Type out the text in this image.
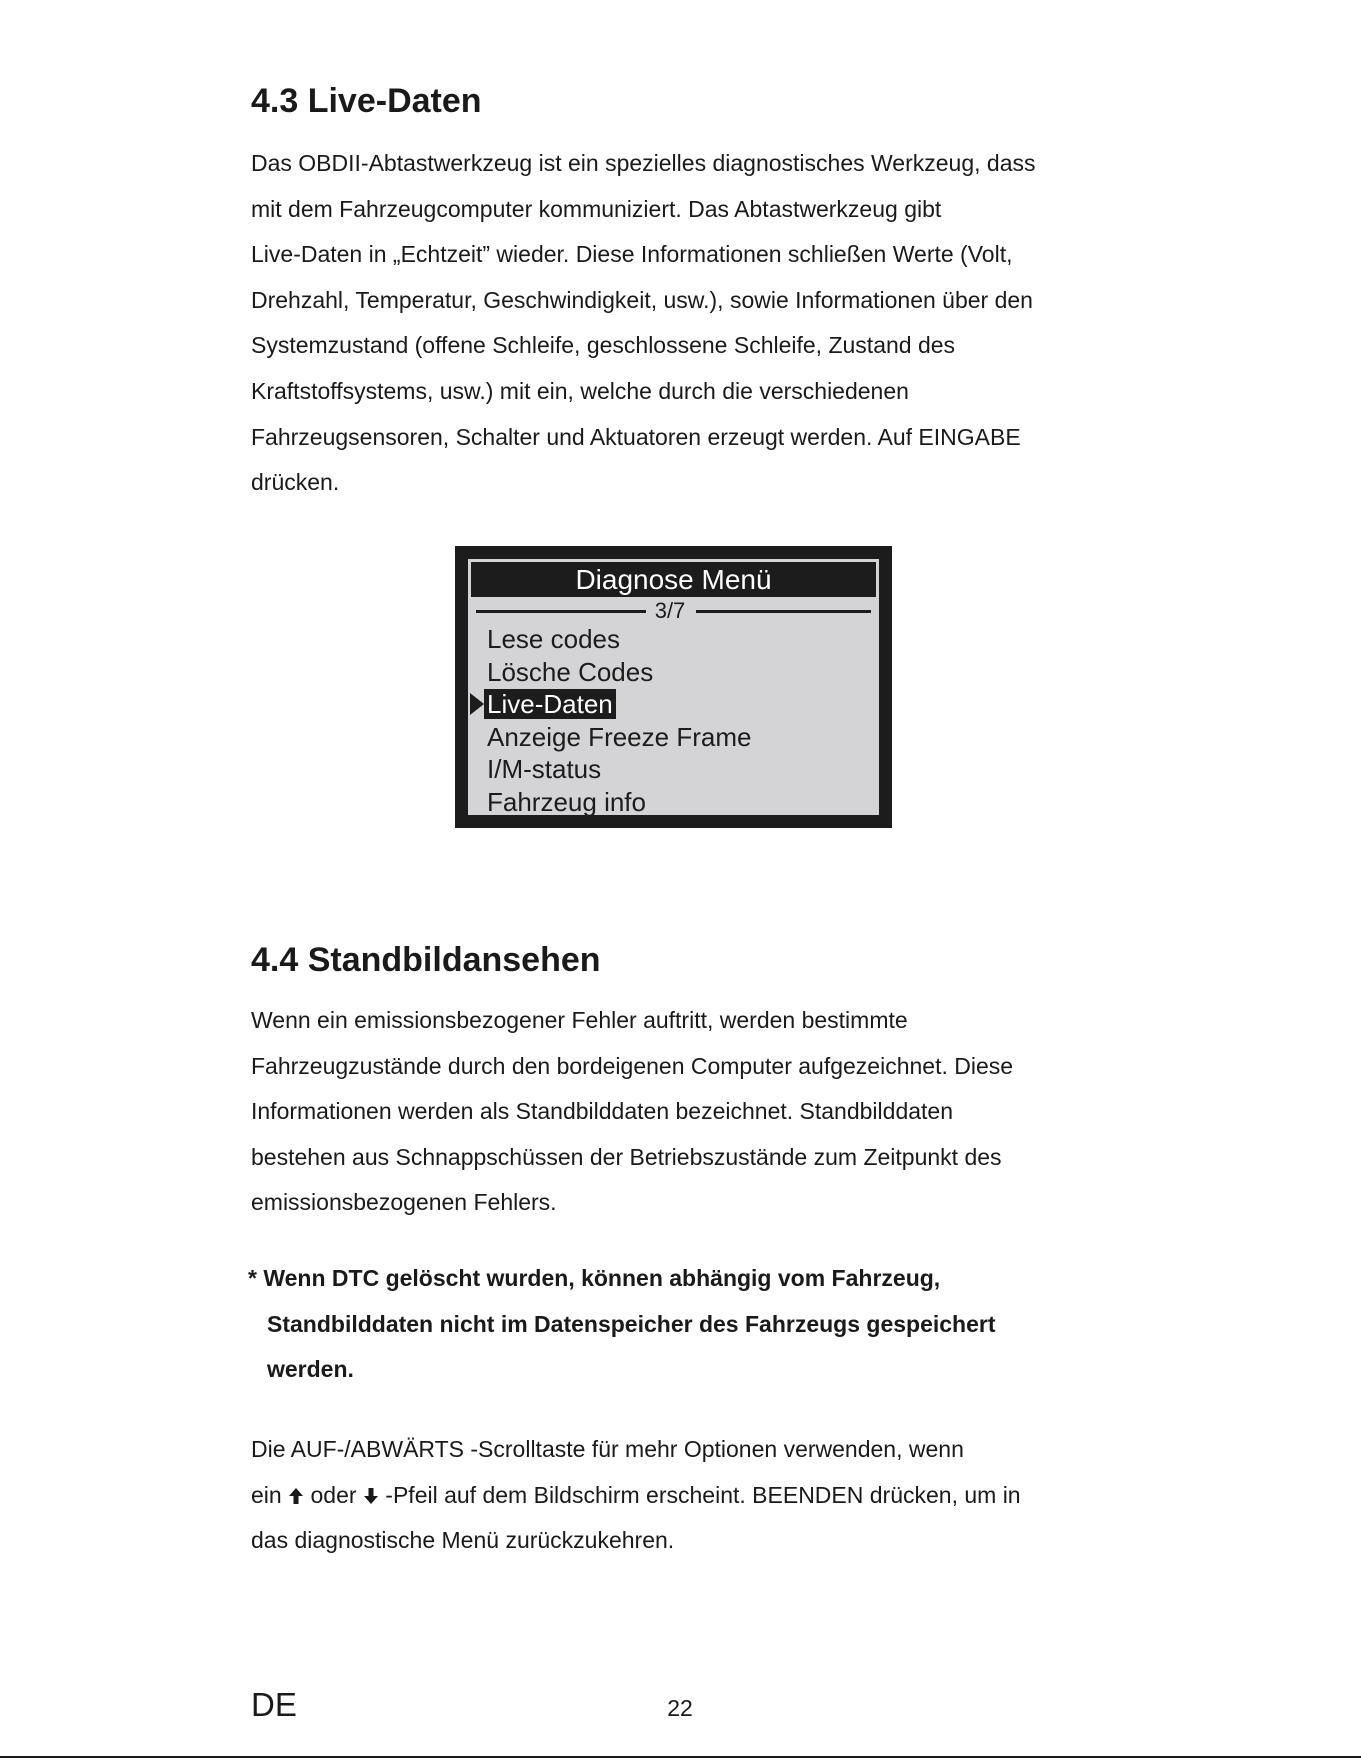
4.3 Live-Daten

Das OBDII-Abtastwerkzeug ist ein spezielles diagnostisches Werkzeug, dass
mit dem Fahrzeugcomputer kommuniziert. Das Abtastwerkzeug gibt
Live-Daten in „Echtzeit” wieder. Diese Informationen schließen Werte (Volt,
Drehzahl, Temperatur, Geschwindigkeit, usw.), sowie Informationen über den
Systemzustand (offene Schleife, geschlossene Schleife, Zustand des
Kraftstoffsystems, usw.) mit ein, welche durch die verschiedenen
Fahrzeugsensoren, Schalter und Aktuatoren erzeugt werden. Auf EINGABE
drücken.

Diagnose Menü
3/7
Lese codes
Lösche Codes
Live-Daten
Anzeige Freeze Frame
I/M-status
Fahrzeug info
4.4 Standbildansehen

Wenn ein emissionsbezogener Fehler auftritt, werden bestimmte
Fahrzeugzustände durch den bordeigenen Computer aufgezeichnet. Diese
Informationen werden als Standbilddaten bezeichnet. Standbilddaten
bestehen aus Schnappschüssen der Betriebszustände zum Zeitpunkt des
emissionsbezogenen Fehlers.

* Wenn DTC gelöscht wurden, können abhängig vom Fahrzeug,
Standbilddaten nicht im Datenspeicher des Fahrzeugs gespeichert
werden.

Die AUF-/ABWÄRTS -Scrolltaste für mehr Optionen verwenden, wenn
ein  oder  -Pfeil auf dem Bildschirm erscheint. BEENDEN drücken, um in
das diagnostische Menü zurückzukehren.

DE	22
